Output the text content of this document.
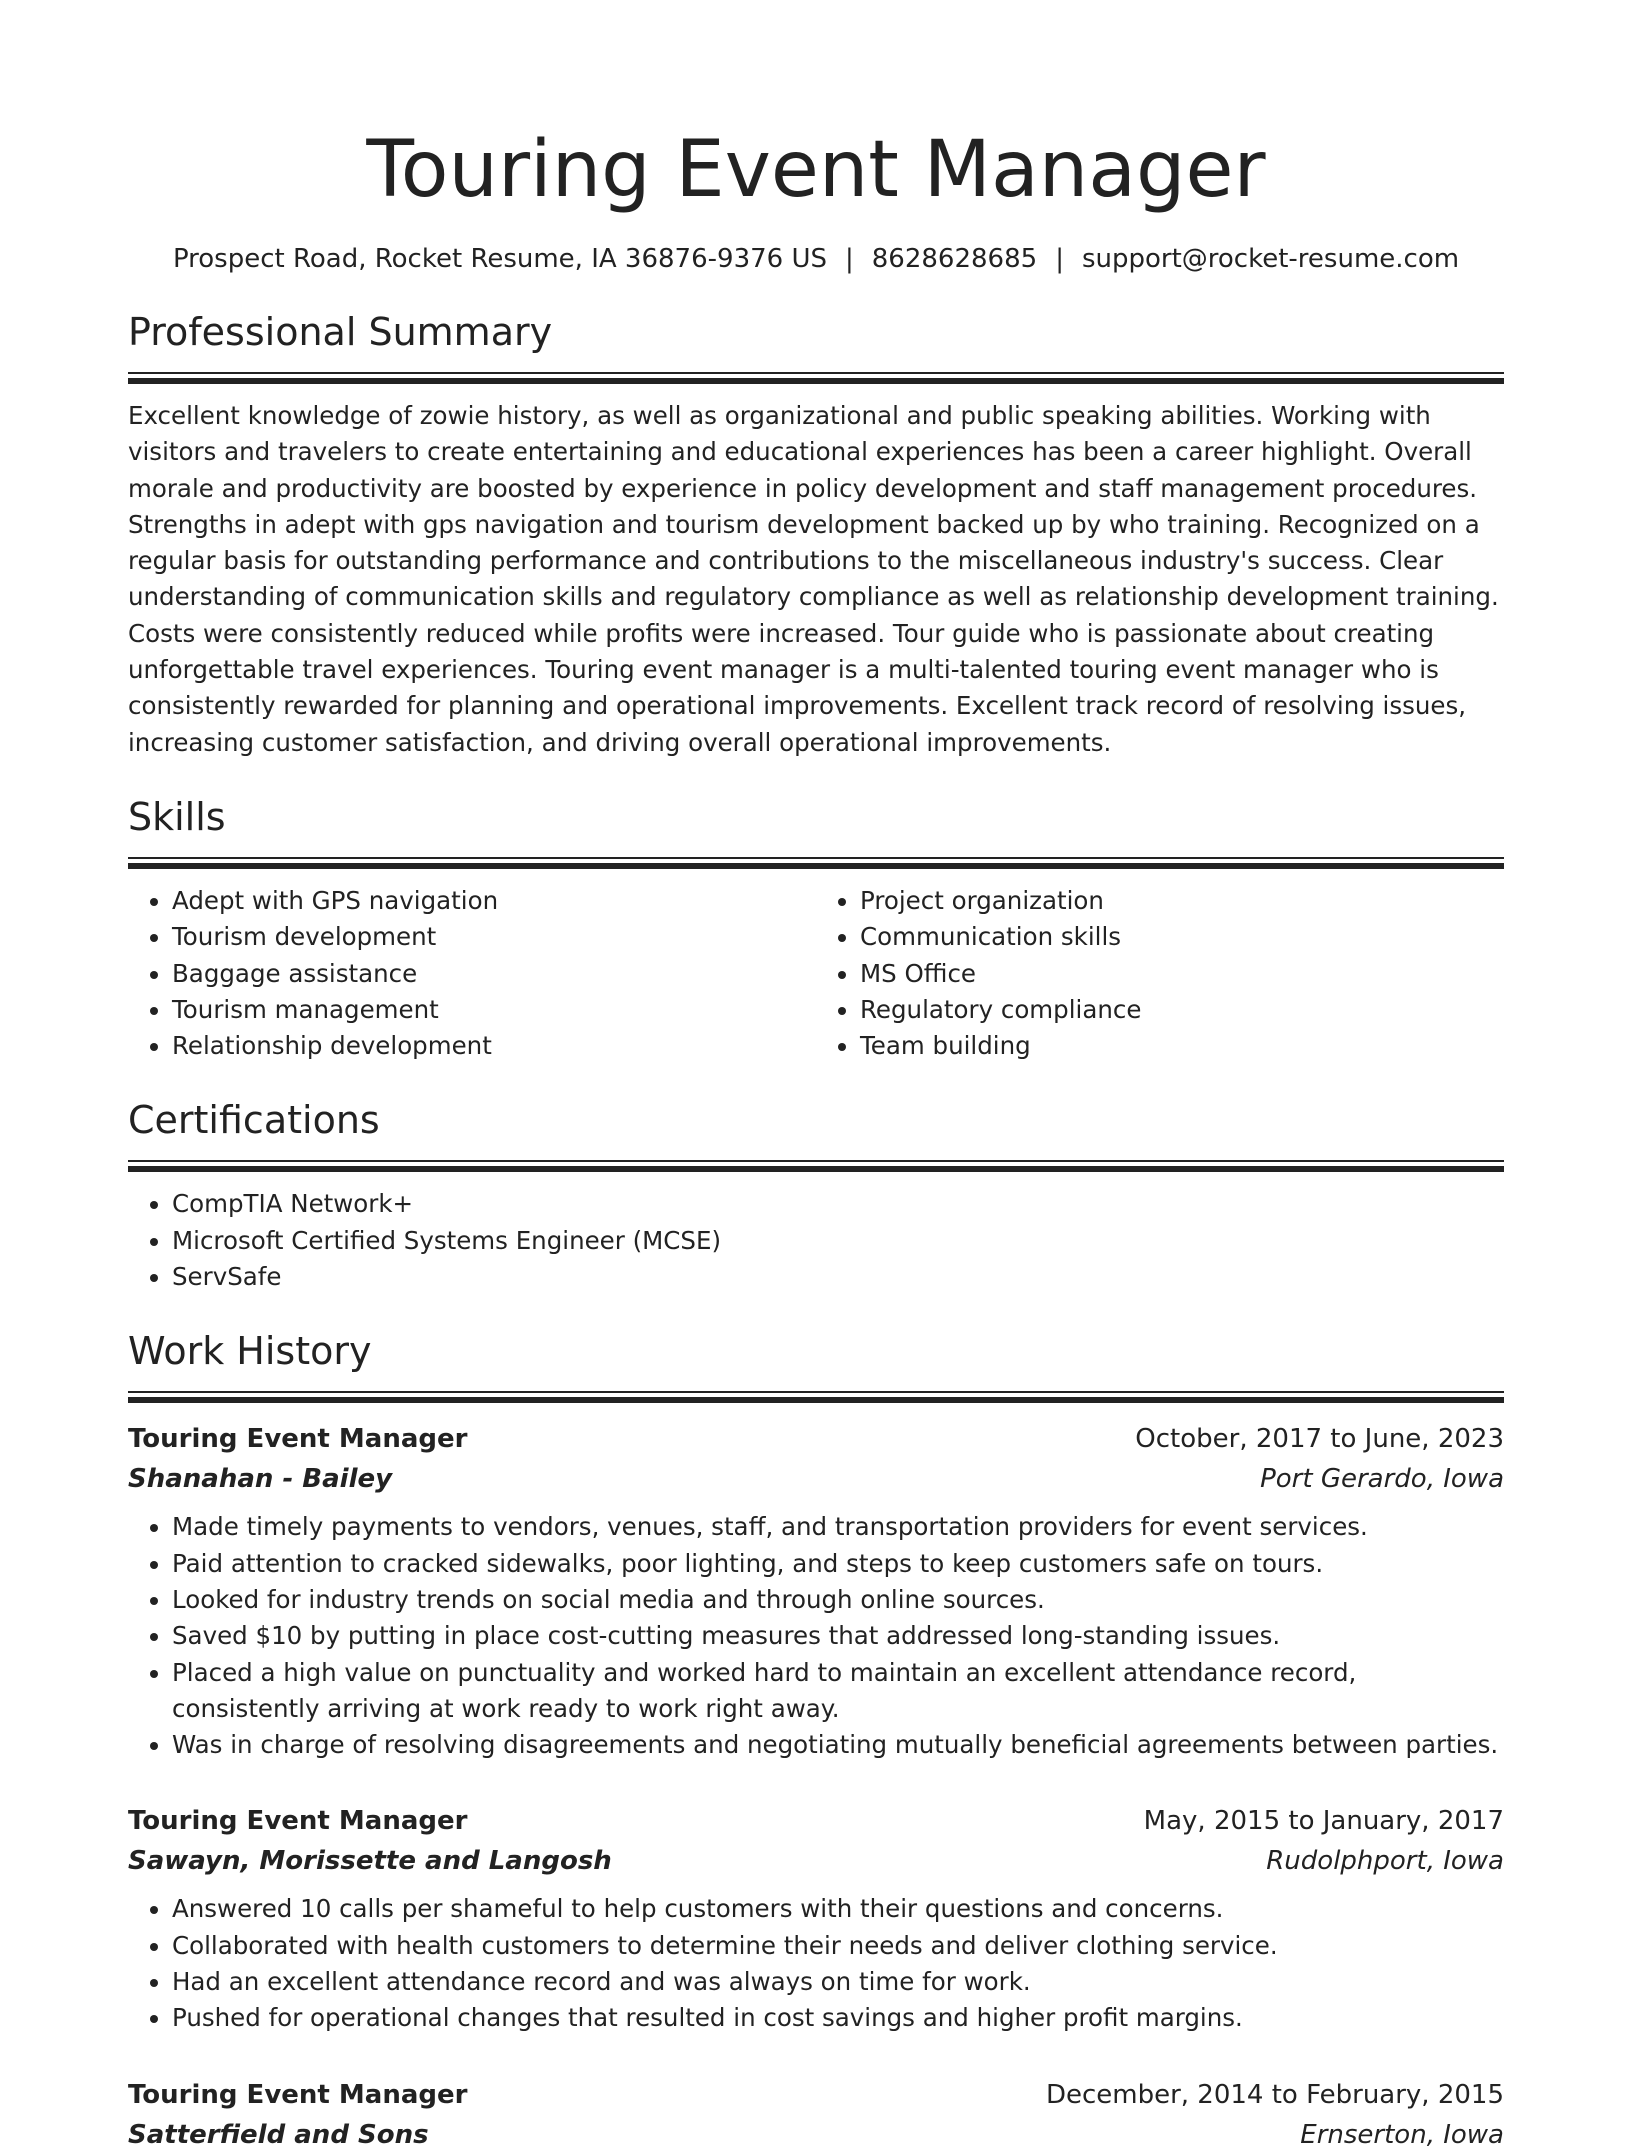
Touring Event Manager
Prospect Road, Rocket Resume, IA 36876-9376 US | 8628628685 | support@rocket-resume.com
Professional Summary
Excellent knowledge of zowie history, as well as organizational and public speaking abilities. Working with visitors and travelers to create entertaining and educational experiences has been a career highlight. Overall morale and productivity are boosted by experience in policy development and staff management procedures. Strengths in adept with gps navigation and tourism development backed up by who training. Recognized on a regular basis for outstanding performance and contributions to the miscellaneous industry's success. Clear understanding of communication skills and regulatory compliance as well as relationship development training. Costs were consistently reduced while profits were increased. Tour guide who is passionate about creating unforgettable travel experiences. Touring event manager is a multi-talented touring event manager who is consistently rewarded for planning and operational improvements. Excellent track record of resolving issues, increasing customer satisfaction, and driving overall operational improvements.
Skills
• Adept with GPS navigation
• Tourism development
• Baggage assistance
• Tourism management
• Relationship development
• Project organization
• Communication skills
• MS Office
• Regulatory compliance
• Team building
Certifications
• CompTIA Network+
• Microsoft Certified Systems Engineer (MCSE)
• ServSafe
Work History
Touring Event Manager	October, 2017 to June, 2023
Shanahan - Bailey	Port Gerardo, Iowa
• Made timely payments to vendors, venues, staff, and transportation providers for event services.
• Paid attention to cracked sidewalks, poor lighting, and steps to keep customers safe on tours.
• Looked for industry trends on social media and through online sources.
• Saved $10 by putting in place cost-cutting measures that addressed long-standing issues.
• Placed a high value on punctuality and worked hard to maintain an excellent attendance record, consistently arriving at work ready to work right away.
• Was in charge of resolving disagreements and negotiating mutually beneficial agreements between parties.
Touring Event Manager	May, 2015 to January, 2017
Sawayn, Morissette and Langosh	Rudolphport, Iowa
• Answered 10 calls per shameful to help customers with their questions and concerns.
• Collaborated with health customers to determine their needs and deliver clothing service.
• Had an excellent attendance record and was always on time for work.
• Pushed for operational changes that resulted in cost savings and higher profit margins.
Touring Event Manager	December, 2014 to February, 2015
Satterfield and Sons	Ernserton, Iowa
